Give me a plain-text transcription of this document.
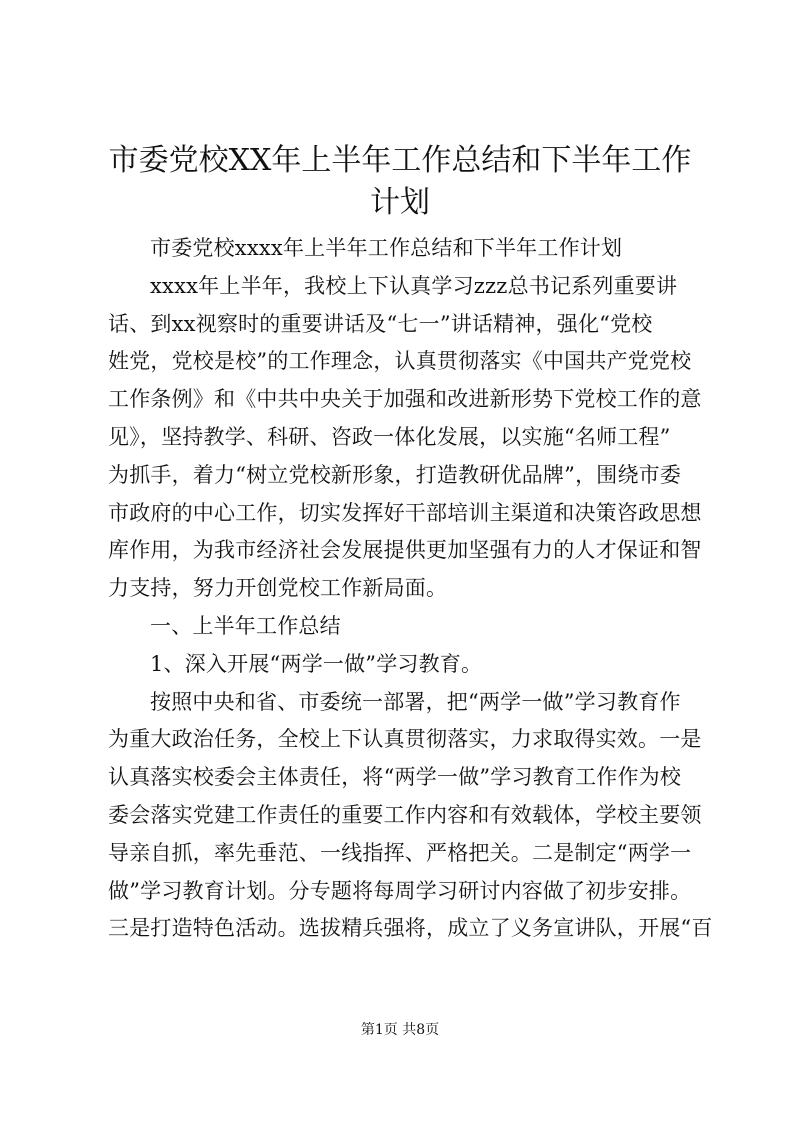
市委党校XX年上半年工作总结和下半年工作
计划
市委党校xxxx年上半年工作总结和下半年工作计划
xxxx年上半年，我校上下认真学习zzz总书记系列重要讲
话、到xx视察时的重要讲话及“七一”讲话精神，强化“党校
姓党，党校是校”的工作理念，认真贯彻落实《中国共产党党校
工作条例》和《中共中央关于加强和改进新形势下党校工作的意
见》，坚持教学、科研、咨政一体化发展，以实施“名师工程”
为抓手，着力“树立党校新形象，打造教研优品牌”，围绕市委
市政府的中心工作，切实发挥好干部培训主渠道和决策咨政思想
库作用，为我市经济社会发展提供更加坚强有力的人才保证和智
力支持，努力开创党校工作新局面。
一、上半年工作总结
1、深入开展“两学一做”学习教育。
按照中央和省、市委统一部署，把“两学一做”学习教育作
为重大政治任务，全校上下认真贯彻落实，力求取得实效。一是
认真落实校委会主体责任，将“两学一做”学习教育工作作为校
委会落实党建工作责任的重要工作内容和有效载体，学校主要领
导亲自抓，率先垂范、一线指挥、严格把关。二是制定“两学一
做”学习教育计划。分专题将每周学习研讨内容做了初步安排。
三是打造特色活动。选拔精兵强将，成立了义务宣讲队，开展“百
第1页 共8页
